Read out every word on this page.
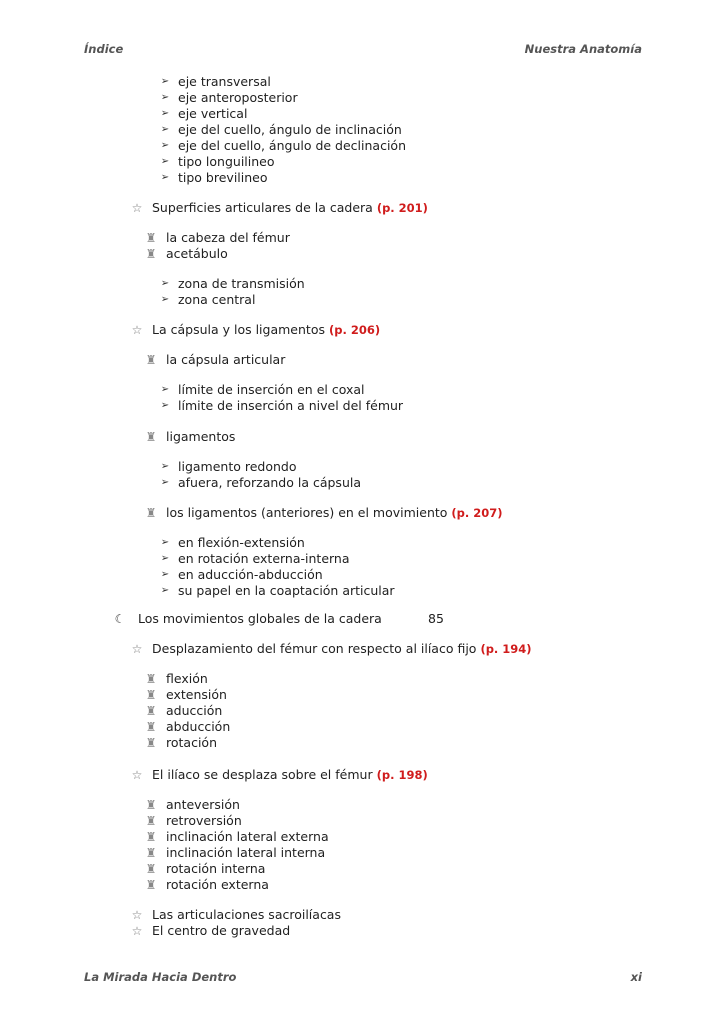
Índice	Nuestra Anatomía
➢ eje transversal
➢ eje anteroposterior
➢ eje vertical
➢ eje del cuello, ángulo de inclinación
➢ eje del cuello, ángulo de declinación
➢ tipo longuilineo
➢ tipo brevilineo
☆ Superficies articulares de la cadera (p. 201)
♜ la cabeza del fémur
♜ acetábulo
➢ zona de transmisión
➢ zona central
☆ La cápsula y los ligamentos (p. 206)
♜ la cápsula articular
➢ límite de inserción en el coxal
➢ límite de inserción a nivel del fémur
♜ ligamentos
➢ ligamento redondo
➢ afuera, reforzando la cápsula
♜ los ligamentos (anteriores) en el movimiento (p. 207)
➢ en flexión-extensión
➢ en rotación externa-interna
➢ en aducción-abducción
➢ su papel en la coaptación articular
☾ Los movimientos globales de la cadera	85
☆ Desplazamiento del fémur con respecto al ilíaco fijo (p. 194)
♜ flexión
♜ extensión
♜ aducción
♜ abducción
♜ rotación
☆ El ilíaco se desplaza sobre el fémur (p. 198)
♜ anteversión
♜ retroversión
♜ inclinación lateral externa
♜ inclinación lateral interna
♜ rotación interna
♜ rotación externa
☆ Las articulaciones sacroilíacas
☆ El centro de gravedad
La Mirada Hacia Dentro	xi
